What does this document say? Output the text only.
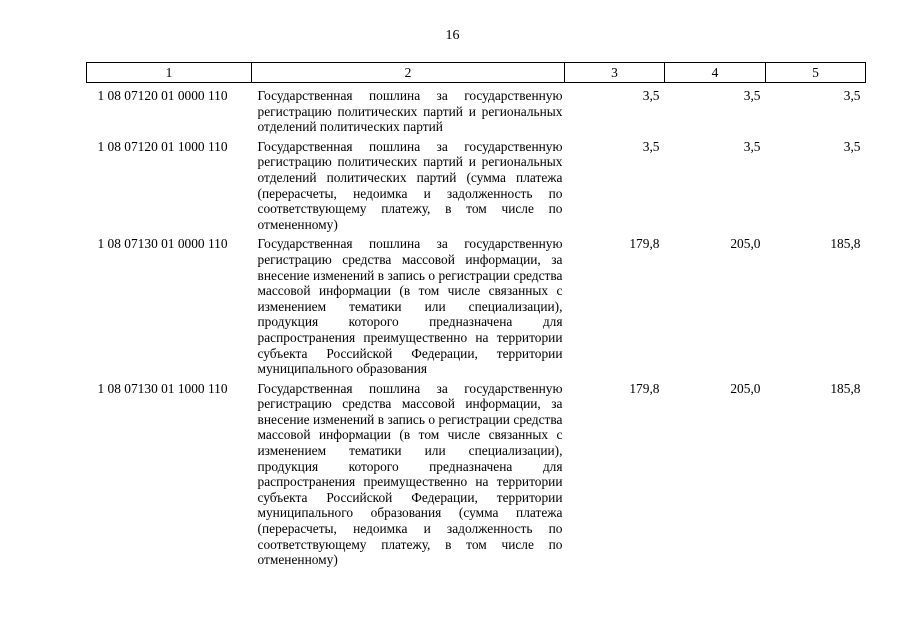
16
1	2	3	4	5
1 08 07120 01 0000 110	Государственная пошлина за государственную регистрацию политических партий и региональных отделений политических партий	3,5	3,5	3,5
1 08 07120 01 1000 110	Государственная пошлина за государственную регистрацию политических партий и региональных отделений политических партий (сумма платежа (перерасчеты, недоимка и задолженность по соответствующему платежу, в том числе по отмененному)	3,5	3,5	3,5
1 08 07130 01 0000 110	Государственная пошлина за государственную регистрацию средства массовой информации, за внесение изменений в запись о регистрации средства массовой информации (в том числе связанных с изменением тематики или специализации), продукция которого предназначена для распространения преимущественно на территории субъекта Российской Федерации, территории муниципального образования	179,8	205,0	185,8
1 08 07130 01 1000 110	Государственная пошлина за государственную регистрацию средства массовой информации, за внесение изменений в запись о регистрации средства массовой информации (в том числе связанных с изменением тематики или специализации), продукция которого предназначена для распространения преимущественно на территории субъекта Российской Федерации, территории муниципального образования (сумма платежа (перерасчеты, недоимка и задолженность по соответствующему платежу, в том числе по отмененному)	179,8	205,0	185,8
